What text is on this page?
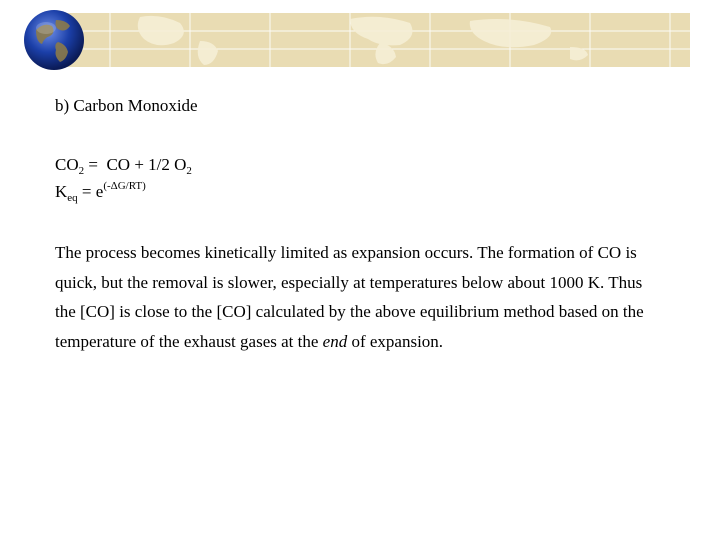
b) Carbon Monoxide
$CO_2$ =  CO + 1/2 $O_2$
$K_{eq} = e^{(-\Delta G/RT)}$

The process becomes kinetically limited as expansion occurs. The formation of CO is quick, but the removal is slower, especially at temperatures below about 1000 K. Thus the [CO] is close to the [CO] calculated by the above equilibrium method based on the temperature of the exhaust gases at the end of expansion.
